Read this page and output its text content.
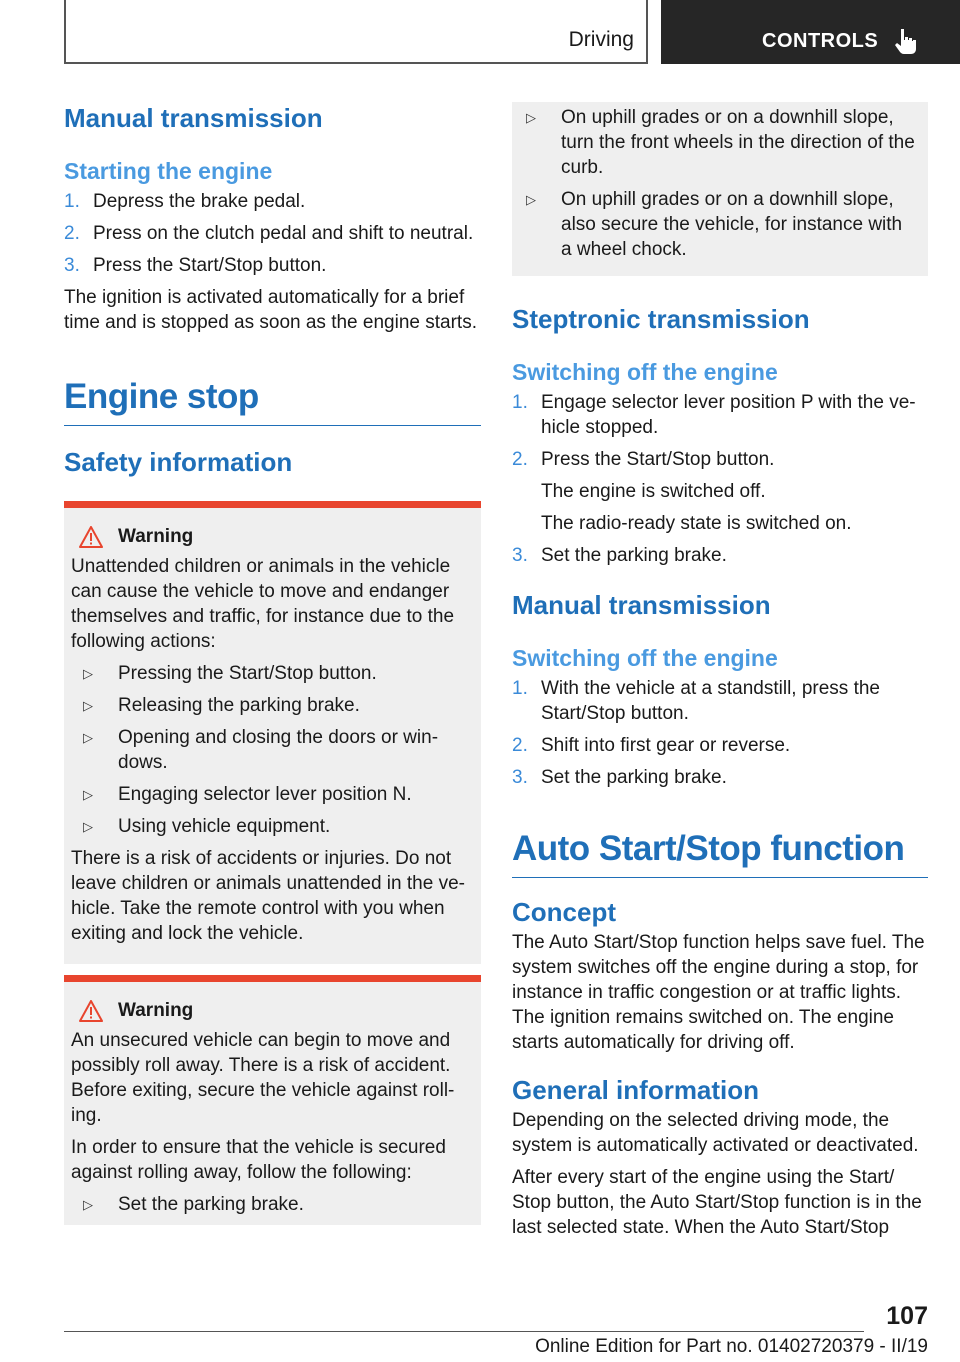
Driving	CONTROLS
Manual transmission
Starting the engine
1. Depress the brake pedal.
2. Press on the clutch pedal and shift to neutral.
3. Press the Start/Stop button.

The ignition is activated automatically for a brief time and is stopped as soon as the engine starts.

Engine stop
Safety information
Warning

Unattended children or animals in the vehicle can cause the vehicle to move and endanger themselves and traffic, for instance due to the following actions:

▷	Pressing the Start/Stop button.
▷	Releasing the parking brake.
▷	Opening and closing the doors or windows.
▷	Engaging selector lever position N.
▷	Using vehicle equipment.

There is a risk of accidents or injuries. Do not leave children or animals unattended in the vehicle. Take the remote control with you when exiting and lock the vehicle.

Warning

An unsecured vehicle can begin to move and possibly roll away. There is a risk of accident. Before exiting, secure the vehicle against rolling.

In order to ensure that the vehicle is secured against rolling away, follow the following:

▷	Set the parking brake.
▷	On uphill grades or on a downhill slope, turn the front wheels in the direction of the curb.
▷	On uphill grades or on a downhill slope, also secure the vehicle, for instance with a wheel chock.
Steptronic transmission
Switching off the engine
1. Engage selector lever position P with the vehicle stopped.
2. Press the Start/Stop button.
The engine is switched off.
The radio-ready state is switched on.
3. Set the parking brake.
Manual transmission
Switching off the engine
1. With the vehicle at a standstill, press the Start/Stop button.
2. Shift into first gear or reverse.
3. Set the parking brake.
Auto Start/Stop function
Concept

The Auto Start/Stop function helps save fuel. The system switches off the engine during a stop, for instance in traffic congestion or at traffic lights. The ignition remains switched on. The engine starts automatically for driving off.

General information

Depending on the selected driving mode, the system is automatically activated or deactivated.

After every start of the engine using the Start/ Stop button, the Auto Start/Stop function is in the last selected state. When the Auto Start/Stop

107
Online Edition for Part no. 01402720379 - II/19
